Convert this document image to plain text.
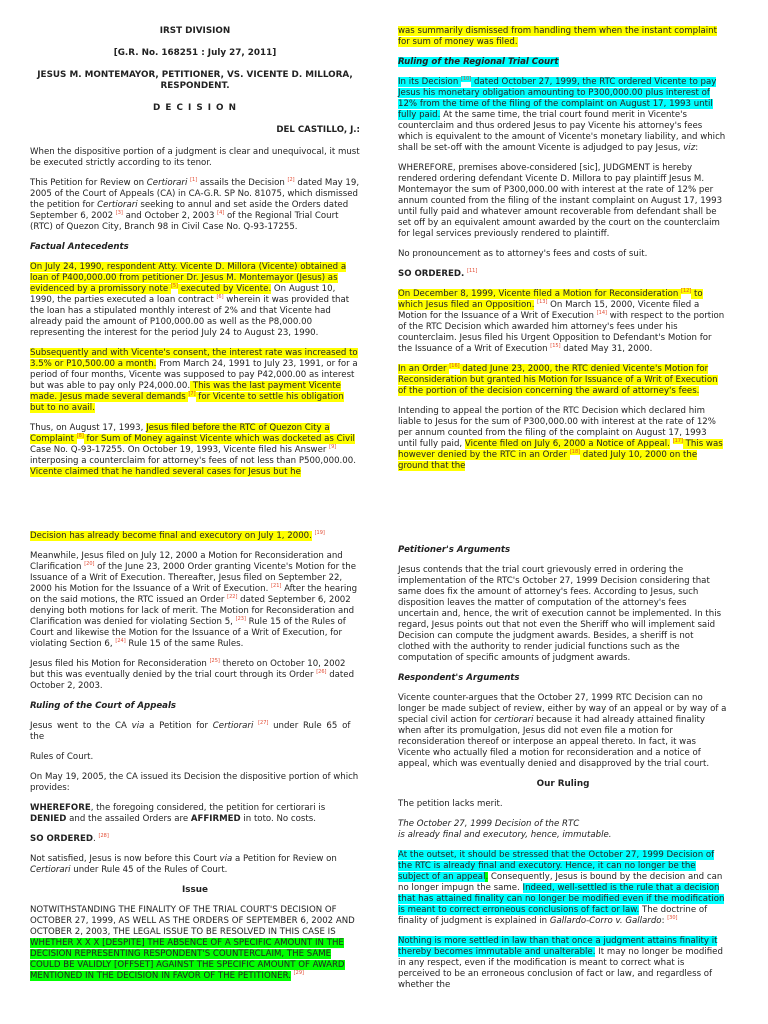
IRST DIVISION

[G.R. No. 168251 : July 27, 2011]

JESUS M. MONTEMAYOR, PETITIONER, VS. VICENTE D. MILLORA, RESPONDENT.

D E C I S I O N

DEL CASTILLO, J.:

When the dispositive portion of a judgment is clear and unequivocal, it must be executed strictly according to its tenor.

This Petition for Review on Certiorari [1] assails the Decision [2] dated May 19, 2005 of the Court of Appeals (CA) in CA-G.R. SP No. 81075, which dismissed the petition for Certiorari seeking to annul and set aside the Orders dated September 6, 2002 [3] and October 2, 2003 [4] of the Regional Trial Court (RTC) of Quezon City, Branch 98 in Civil Case No. Q-93-17255.

Factual Antecedents

On July 24, 1990, respondent Atty. Vicente D. Millora (Vicente) obtained a loan of P400,000.00 from petitioner Dr. Jesus M. Montemayor (Jesus) as evidenced by a promissory note [5] executed by Vicente. On August 10, 1990, the parties executed a loan contract [6] wherein it was provided that the loan has a stipulated monthly interest of 2% and that Vicente had already paid the amount of P100,000.00 as well as the P8,000.00 representing the interest for the period July 24 to August 23, 1990.

Subsequently and with Vicente's consent, the interest rate was increased to 3.5% or P10,500.00 a month. From March 24, 1991 to July 23, 1991, or for a period of four months, Vicente was supposed to pay P42,000.00 as interest but was able to pay only P24,000.00. This was the last payment Vicente made. Jesus made several demands [7] for Vicente to settle his obligation but to no avail.

Thus, on August 17, 1993, Jesus filed before the RTC of Quezon City a Complaint [8] for Sum of Money against Vicente which was docketed as Civil Case No. Q-93-17255. On October 19, 1993, Vicente filed his Answer [9] interposing a counterclaim for attorney's fees of not less than P500,000.00. Vicente claimed that he handled several cases for Jesus but he

was summarily dismissed from handling them when the instant complaint for sum of money was filed.

Ruling of the Regional Trial Court

In its Decision [10] dated October 27, 1999, the RTC ordered Vicente to pay Jesus his monetary obligation amounting to P300,000.00 plus interest of 12% from the time of the filing of the complaint on August 17, 1993 until fully paid. At the same time, the trial court found merit in Vicente's counterclaim and thus ordered Jesus to pay Vicente his attorney's fees which is equivalent to the amount of Vicente's monetary liability, and which shall be set-off with the amount Vicente is adjudged to pay Jesus, viz:

WHEREFORE, premises above-considered [sic], JUDGMENT is hereby rendered ordering defendant Vicente D. Millora to pay plaintiff Jesus M. Montemayor the sum of P300,000.00 with interest at the rate of 12% per annum counted from the filing of the instant complaint on August 17, 1993 until fully paid and whatever amount recoverable from defendant shall be set off by an equivalent amount awarded by the court on the counterclaim for legal services previously rendered to plaintiff.

No pronouncement as to attorney's fees and costs of suit.

SO ORDERED. [11]

On December 8, 1999, Vicente filed a Motion for Reconsideration [12] to which Jesus filed an Opposition. [13] On March 15, 2000, Vicente filed a Motion for the Issuance of a Writ of Execution [14] with respect to the portion of the RTC Decision which awarded him attorney's fees under his counterclaim. Jesus filed his Urgent Opposition to Defendant's Motion for the Issuance of a Writ of Execution [15] dated May 31, 2000.

In an Order [16] dated June 23, 2000, the RTC denied Vicente's Motion for Reconsideration but granted his Motion for Issuance of a Writ of Execution of the portion of the decision concerning the award of attorney's fees.

Intending to appeal the portion of the RTC Decision which declared him liable to Jesus for the sum of P300,000.00 with interest at the rate of 12% per annum counted from the filing of the complaint on August 17, 1993 until fully paid, Vicente filed on July 6, 2000 a Notice of Appeal. [17] This was however denied by the RTC in an Order [18] dated July 10, 2000 on the ground that the

Decision has already become final and executory on July 1, 2000. [19]

Meanwhile, Jesus filed on July 12, 2000 a Motion for Reconsideration and Clarification [20] of the June 23, 2000 Order granting Vicente's Motion for the Issuance of a Writ of Execution. Thereafter, Jesus filed on September 22, 2000 his Motion for the Issuance of a Writ of Execution. [21] After the hearing on the said motions, the RTC issued an Order [22] dated September 6, 2002 denying both motions for lack of merit. The Motion for Reconsideration and Clarification was denied for violating Section 5, [23] Rule 15 of the Rules of Court and likewise the Motion for the Issuance of a Writ of Execution, for violating Section 6, [24] Rule 15 of the same Rules.

Jesus filed his Motion for Reconsideration [25] thereto on October 10, 2002 but this was eventually denied by the trial court through its Order [26] dated October 2, 2003.

Ruling of the Court of Appeals

Jesus went to the CA via a Petition for Certiorari [27] under Rule 65 of the

Rules of Court.

On May 19, 2005, the CA issued its Decision the dispositive portion of which provides:

WHEREFORE, the foregoing considered, the petition for certiorari is DENIED and the assailed Orders are AFFIRMED in toto. No costs.

SO ORDERED. [28]

Not satisfied, Jesus is now before this Court via a Petition for Review on Certiorari under Rule 45 of the Rules of Court.

Issue

NOTWITHSTANDING THE FINALITY OF THE TRIAL COURT'S DECISION OF OCTOBER 27, 1999, AS WELL AS THE ORDERS OF SEPTEMBER 6, 2002 AND OCTOBER 2, 2003, THE LEGAL ISSUE TO BE RESOLVED IN THIS CASE IS WHETHER X X X [DESPITE] THE ABSENCE OF A SPECIFIC AMOUNT IN THE DECISION REPRESENTING RESPONDENT'S COUNTERCLAIM, THE SAME COULD BE VALIDLY [OFFSET] AGAINST THE SPECIFIC AMOUNT OF AWARD MENTIONED IN THE DECISION IN FAVOR OF THE PETITIONER. [29]

Petitioner's Arguments

Jesus contends that the trial court grievously erred in ordering the implementation of the RTC's October 27, 1999 Decision considering that same does fix the amount of attorney's fees. According to Jesus, such disposition leaves the matter of computation of the attorney's fees uncertain and, hence, the writ of execution cannot be implemented. In this regard, Jesus points out that not even the Sheriff who will implement said Decision can compute the judgment awards. Besides, a sheriff is not clothed with the authority to render judicial functions such as the computation of specific amounts of judgment awards.

Respondent's Arguments

Vicente counter-argues that the October 27, 1999 RTC Decision can no longer be made subject of review, either by way of an appeal or by way of a special civil action for certiorari because it had already attained finality when after its promulgation, Jesus did not even file a motion for reconsideration thereof or interpose an appeal thereto. In fact, it was Vicente who actually filed a motion for reconsideration and a notice of appeal, which was eventually denied and disapproved by the trial court.

Our Ruling

The petition lacks merit.

The October 27, 1999 Decision of the RTC
is already final and executory, hence, immutable.

At the outset, it should be stressed that the October 27, 1999 Decision of the RTC is already final and executory. Hence, it can no longer be the subject of an appeal. Consequently, Jesus is bound by the decision and can no longer impugn the same. Indeed, well-settled is the rule that a decision that has attained finality can no longer be modified even if the modification is meant to correct erroneous conclusions of fact or law. The doctrine of finality of judgment is explained in Gallardo-Corro v. Gallardo: [30]

Nothing is more settled in law than that once a judgment attains finality it thereby becomes immutable and unalterable. It may no longer be modified in any respect, even if the modification is meant to correct what is perceived to be an erroneous conclusion of fact or law, and regardless of whether the
